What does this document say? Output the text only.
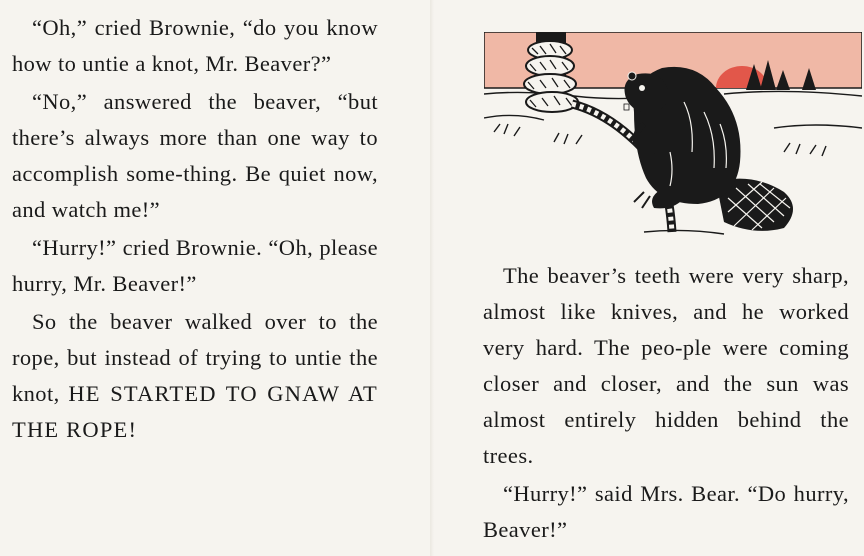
“Oh,” cried Brownie, “do you know how to untie a knot, Mr. Beaver?”

“No,” answered the beaver, “but there’s always more than one way to accomplish some-thing. Be quiet now, and watch me!”

“Hurry!” cried Brownie. “Oh, please hurry, Mr. Beaver!”

So the beaver walked over to the rope, but instead of trying to untie the knot, HE STARTED TO GNAW AT THE ROPE!

The beaver’s teeth were very sharp, almost like knives, and he worked very hard. The peo-ple were coming closer and closer, and the sun was almost entirely hidden behind the trees.

“Hurry!” said Mrs. Bear. “Do hurry, Beaver!”
